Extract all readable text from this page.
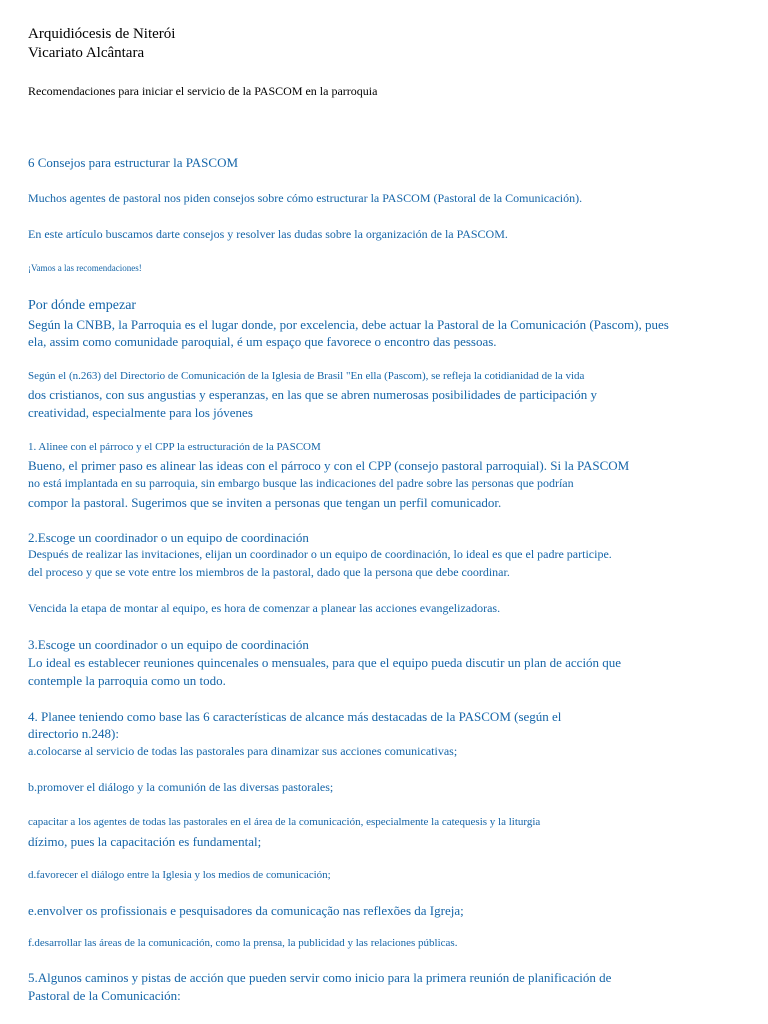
Arquidiócesis de Niterói
Vicariato Alcântara
Recomendaciones para iniciar el servicio de la PASCOM en la parroquia
6 Consejos para estructurar la PASCOM
Muchos agentes de pastoral nos piden consejos sobre cómo estructurar la PASCOM (Pastoral de la Comunicación).
En este artículo buscamos darte consejos y resolver las dudas sobre la organización de la PASCOM.
¡Vamos a las recomendaciones!
Por dónde empezar
Según la CNBB, la Parroquia es el lugar donde, por excelencia, debe actuar la Pastoral de la Comunicación (Pascom), pues
ela, assim como comunidade paroquial, é um espaço que favorece o encontro das pessoas.
Según el (n.263) del Directorio de Comunicación de la Iglesia de Brasil "En ella (Pascom), se refleja la cotidianidad de la vida
dos cristianos, con sus angustias y esperanzas, en las que se abren numerosas posibilidades de participación y
creatividad, especialmente para los jóvenes
1. Alinee con el párroco y el CPP la estructuración de la PASCOM
Bueno, el primer paso es alinear las ideas con el párroco y con el CPP (consejo pastoral parroquial). Si la PASCOM
no está implantada en su parroquia, sin embargo busque las indicaciones del padre sobre las personas que podrían
compor la pastoral. Sugerimos que se inviten a personas que tengan un perfil comunicador.
2.Escoge un coordinador o un equipo de coordinación
Después de realizar las invitaciones, elijan un coordinador o un equipo de coordinación, lo ideal es que el padre participe.
del proceso y que se vote entre los miembros de la pastoral, dado que la persona que debe coordinar.
Vencida la etapa de montar al equipo, es hora de comenzar a planear las acciones evangelizadoras.
3.Escoge un coordinador o un equipo de coordinación
Lo ideal es establecer reuniones quincenales o mensuales, para que el equipo pueda discutir un plan de acción que
contemple la parroquia como un todo.
4. Planee teniendo como base las 6 características de alcance más destacadas de la PASCOM (según el
directorio n.248):
a.colocarse al servicio de todas las pastorales para dinamizar sus acciones comunicativas;
b.promover el diálogo y la comunión de las diversas pastorales;
capacitar a los agentes de todas las pastorales en el área de la comunicación, especialmente la catequesis y la liturgia
dízimo, pues la capacitación es fundamental;
d.favorecer el diálogo entre la Iglesia y los medios de comunicación;
e.envolver os profissionais e pesquisadores da comunicação nas reflexões da Igreja;
f.desarrollar las áreas de la comunicación, como la prensa, la publicidad y las relaciones públicas.
5.Algunos caminos y pistas de acción que pueden servir como inicio para la primera reunión de planificación de
Pastoral de la Comunicación:
